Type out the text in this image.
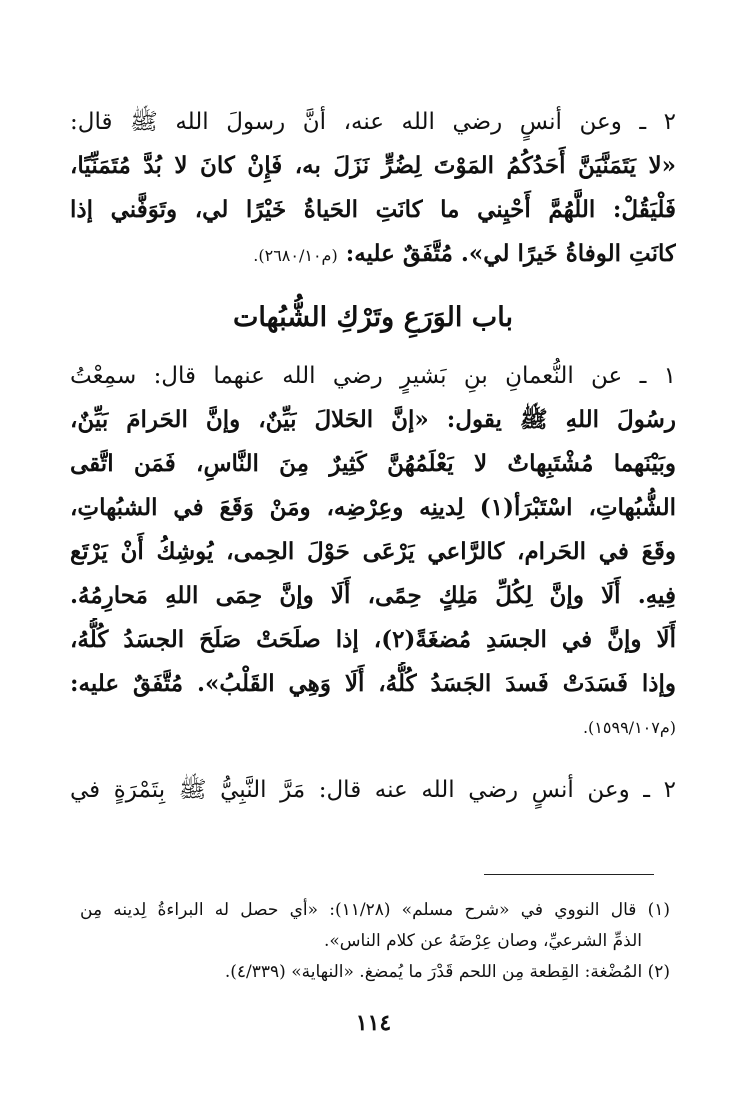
٢ ـ وعن أنسٍ رضي الله عنه، أنَّ رسولَ الله ﷺ قال:
«لا يَتَمَنَّيَنَّ أَحَدُكُمُ المَوْتَ لِضُرٍّ نَزَلَ به، فَإِنْ كانَ لا بُدَّ مُتَمَنِّيًا،
فَلْيَقُلْ: اللَّهُمَّ أَحْيِني ما كانَتِ الحَياةُ خَيْرًا لي، وتَوَفَّني إذا
كانَتِ الوفاةُ خَيرًا لي». مُتَّفَقٌ عليه: (م٢٦٨٠/١٠).
باب الوَرَعِ وتَرْكِ الشُّبُهات
١ ـ عن النُّعمانِ بنِ بَشيرٍ رضي الله عنهما قال: سمِعْتُ
رسُولَ اللهِ ﷺ يقول: «إنَّ الحَلالَ بَيِّنٌ، وإنَّ الحَرامَ بَيِّنٌ،
وبَيْنَهما مُشْتَبِهاتٌ لا يَعْلَمُهُنَّ كَثِيرٌ مِنَ النَّاسِ، فَمَن اتَّقى
الشُّبُهاتِ، اسْتَبْرَأ(١) لِدينِه وعِرْضِه، ومَنْ وَقَعَ في الشبُهاتِ،
وقَعَ في الحَرام، كالرَّاعي يَرْعَى حَوْلَ الحِمى، يُوشِكُ أَنْ يَرْتَع
فِيهِ. أَلَا وإنَّ لِكُلِّ مَلِكٍ حِمًى، أَلَا وإنَّ حِمَى اللهِ مَحارِمُهُ.
أَلَا وإنَّ في الجسَدِ مُضغَةً(٢)، إذا صلَحَتْ صَلَحَ الجسَدُ كُلُّهُ،
وإذا فَسَدَتْ فَسدَ الجَسَدُ كُلُّهُ، أَلَا وَهِي القَلْبُ». مُتَّفَقٌ عليه:
(م١٥٩٩/١٠٧).
٢ ـ وعن أنسٍ رضي الله عنه قال: مَرَّ النَّبِيُّ ﷺ بِتَمْرَةٍ في
(١) قال النووي في «شرح مسلم» (١١/٢٨): «أي حصل له البراءةُ لِدينه مِن
الذمِّ الشرعيِّ، وصان عِرْضَهُ عن كلام الناس».
(٢) المُضْغة: القِطعة مِن اللحم قَدْرَ ما يُمضغ. «النهاية» (٤/٣٣٩).
١١٤
